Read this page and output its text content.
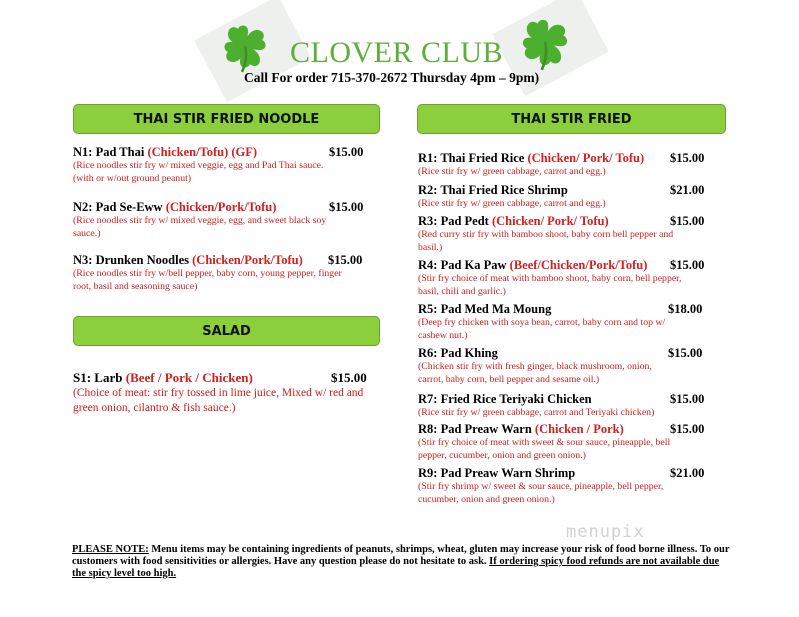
CLOVER CLUB
Call For order 715-370-2672 Thursday 4pm – 9pm)
THAI STIR FRIED NOODLE
N1: Pad Thai (Chicken/Tofu) (GF)	$15.00
(Rice noodles stir fry w/ mixed veggie, egg and Pad Thai sauce.
(with or w/out ground peanut)
N2: Pad Se-Eww (Chicken/Pork/Tofu)	$15.00
(Rice noodles stir fry w/ mixed veggie, egg, and sweet black soy
sauce.)
N3: Drunken Noodles (Chicken/Pork/Tofu) $15.00
(Rice noodles stir fry w/bell pepper, baby corn, young pepper, finger
root, basil and seasoning sauce)
SALAD
S1: Larb (Beef / Pork / Chicken)	$15.00
(Choice of meat: stir fry tossed in lime juice, Mixed w/ red and
green onion, cilantro & fish sauce.)
THAI STIR FRIED
R1: Thai Fried Rice (Chicken/ Pork/ Tofu) $15.00
(Rice stir fry w/ green cabbage, carrot and egg.)
R2: Thai Fried Rice Shrimp	$21.00
(Rice stir fry w/ green cabbage, carrot and egg.)
R3: Pad Pedt (Chicken/ Pork/ Tofu)	$15.00
(Red curry stir fry with bamboo shoot, baby corn bell pepper and
basil.)
R4: Pad Ka Paw (Beef/Chicken/Pork/Tofu) $15.00
(Stir fry choice of meat with bamboo shoot, baby corn, bell pepper,
basil, chili and garlic.)
R5: Pad Med Ma Moung	$18.00
(Deep fry chicken with soya bean, carrot, baby corn and top w/
cashew nut.)
R6: Pad Khing	$15.00
(Chicken stir fry with fresh ginger, black mushroom, onion,
carrot, baby corn, bell pepper and sesame oil.)
R7: Fried Rice Teriyaki Chicken	$15.00
(Rice stir fry w/ green cabbage, carrot and Teriyaki chicken)
R8: Pad Preaw Warn (Chicken / Pork)	$15.00
(Stir fry choice of meat with sweet & sour sauce, pineapple, bell
pepper, cucumber, onion and green onion.)
R9: Pad Preaw Warn Shrimp	$21.00
(Stir fry shrimp w/ sweet & sour sauce, pineapple, bell pepper,
cucumber, onion and green onion.)
menupix
PLEASE NOTE: Menu items may be containing ingredients of peanuts, shrimps, wheat, gluten may increase your risk of food borne illness. To our customers with food sensitivities or allergies. Have any question please do not hesitate to ask. If ordering spicy food refunds are not available due the spicy level too high.
